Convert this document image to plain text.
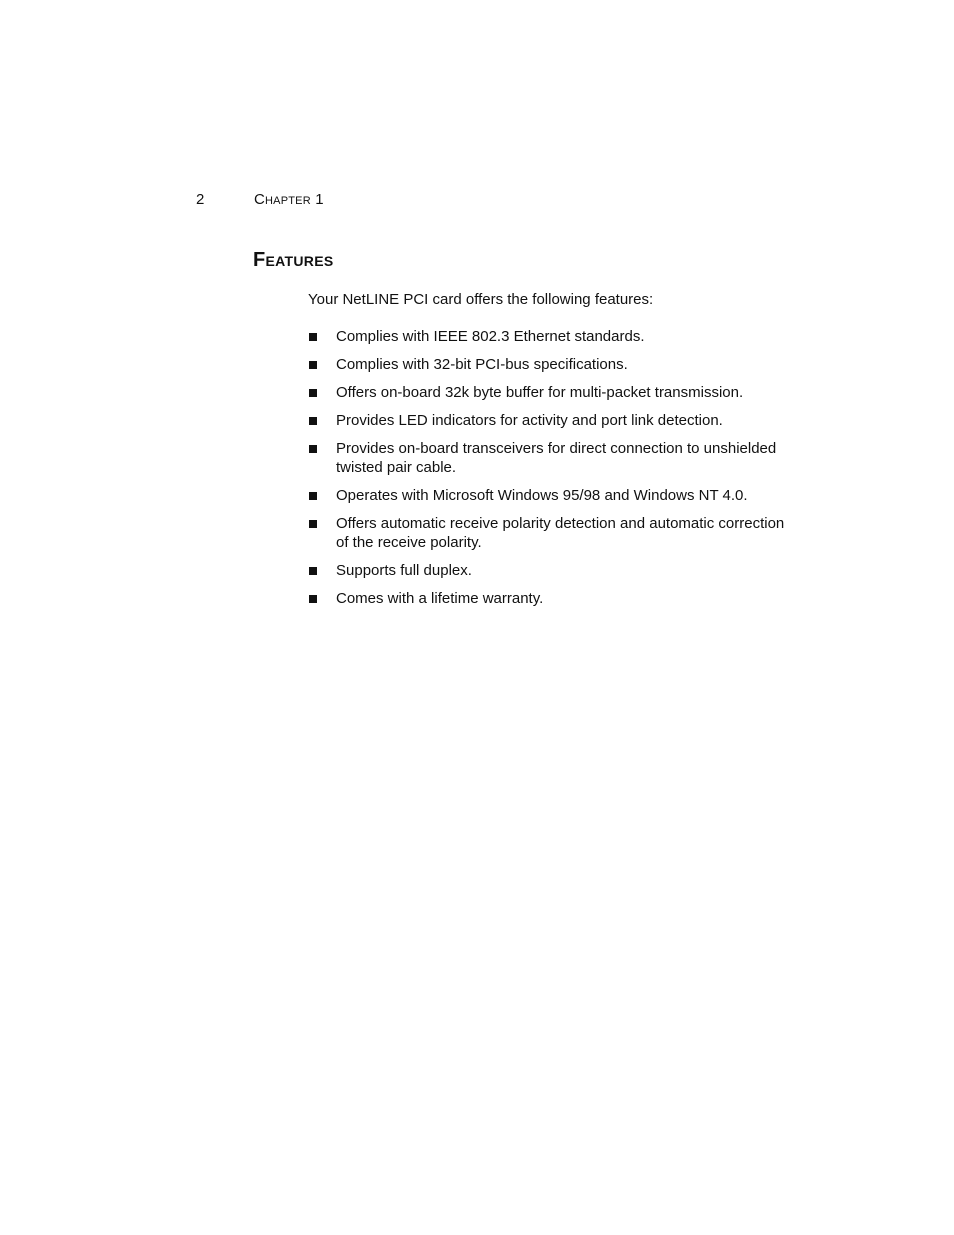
2	Chapter 1
Features

Your NetLINE PCI card offers the following features:

Complies with IEEE 802.3 Ethernet standards.
Complies with 32-bit PCI-bus specifications.
Offers on-board 32k byte buffer for multi-packet transmission.
Provides LED indicators for activity and port link detection.
Provides on-board transceivers for direct connection to unshielded twisted pair cable.
Operates with Microsoft Windows 95/98 and Windows NT 4.0.
Offers automatic receive polarity detection and automatic correction of the receive polarity.
Supports full duplex.
Comes with a lifetime warranty.
